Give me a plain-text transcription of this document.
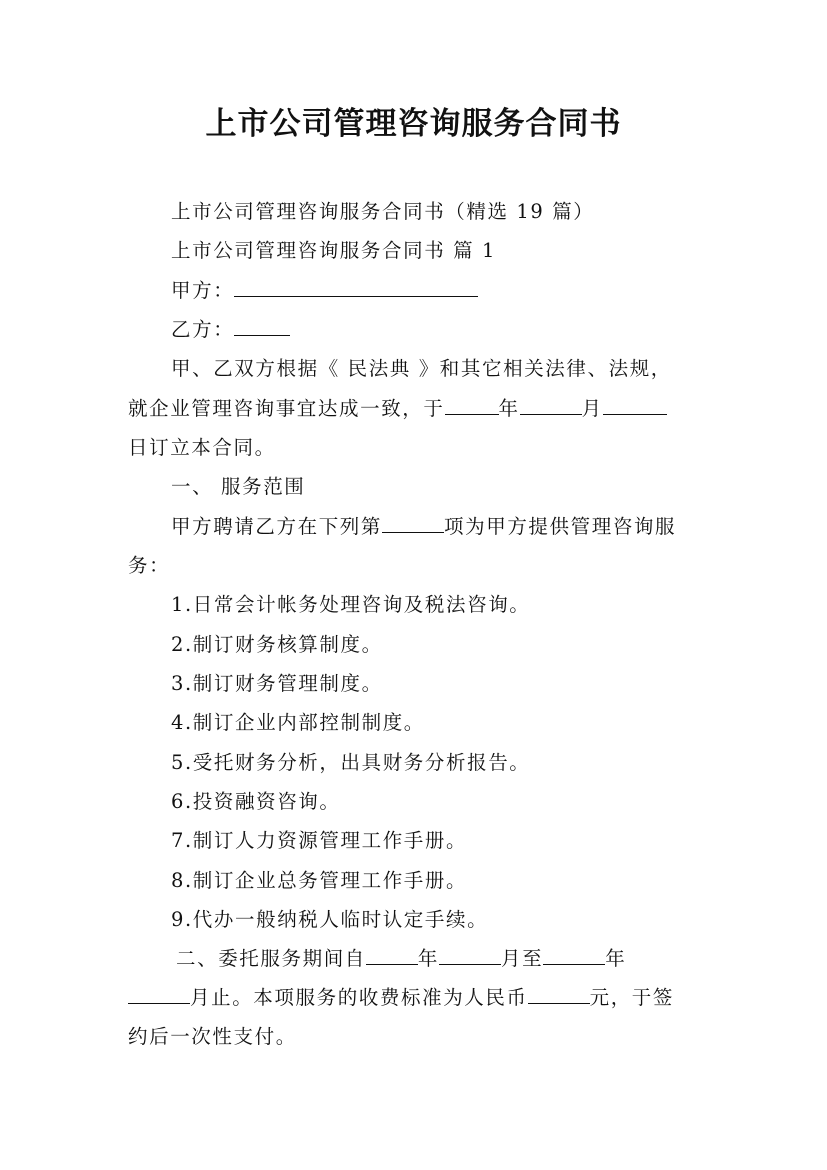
上市公司管理咨询服务合同书

上市公司管理咨询服务合同书（精选 19 篇）

上市公司管理咨询服务合同书 篇 1

甲方：

乙方：

甲、乙双方根据《 民法典 》和其它相关法律、法规，

就企业管理咨询事宜达成一致，于	年	月

日订立本合同。

一、 服务范围

甲方聘请乙方在下列第	项为甲方提供管理咨询服

务：

1.日常会计帐务处理咨询及税法咨询。

2.制订财务核算制度。

3.制订财务管理制度。

4.制订企业内部控制制度。

5.受托财务分析，出具财务分析报告。

6.投资融资咨询。

7.制订人力资源管理工作手册。

8.制订企业总务管理工作手册。

9.代办一般纳税人临时认定手续。

二、委托服务期间自	年	月至	年

月止。本项服务的收费标准为人民币	元，于签

约后一次性支付。
